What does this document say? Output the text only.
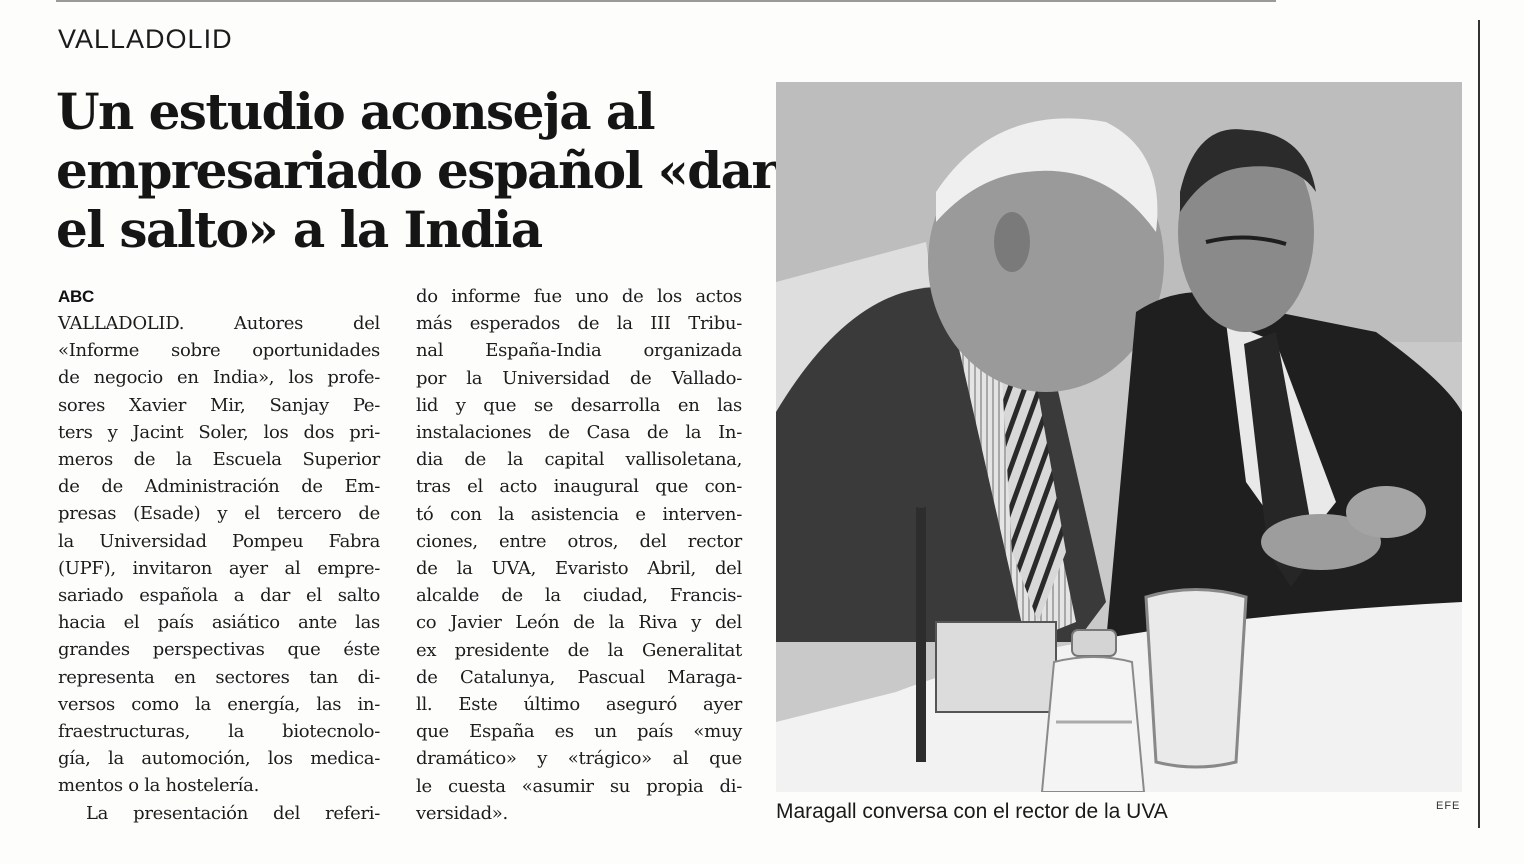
VALLADOLID
Un estudio aconseja al
empresariado español «dar
el salto» a la India
ABC
VALLADOLID. Autores del
«Informe sobre oportunidades
de negocio en India», los profe-
sores Xavier Mir, Sanjay Pe-
ters y Jacint Soler, los dos pri-
meros de la Escuela Superior
de de Administración de Em-
presas (Esade) y el tercero de
la Universidad Pompeu Fabra
(UPF), invitaron ayer al empre-
sariado española a dar el salto
hacia el país asiático ante las
grandes perspectivas que éste
representa en sectores tan di-
versos como la energía, las in-
fraestructuras, la biotecnolo-
gía, la automoción, los medica-
mentos o la hostelería.
La presentación del referi-
do informe fue uno de los actos
más esperados de la III Tribu-
nal España-India organizada
por la Universidad de Vallado-
lid y que se desarrolla en las
instalaciones de Casa de la In-
dia de la capital vallisoletana,
tras el acto inaugural que con-
tó con la asistencia e interven-
ciones, entre otros, del rector
de la UVA, Evaristo Abril, del
alcalde de la ciudad, Francis-
co Javier León de la Riva y del
ex presidente de la Generalitat
de Catalunya, Pascual Maraga-
ll. Este último aseguró ayer
que España es un país «muy
dramático» y «trágico» al que
le cuesta «asumir su propia di-
versidad».	Maragall conversa con el rector de la UVA	EFE
